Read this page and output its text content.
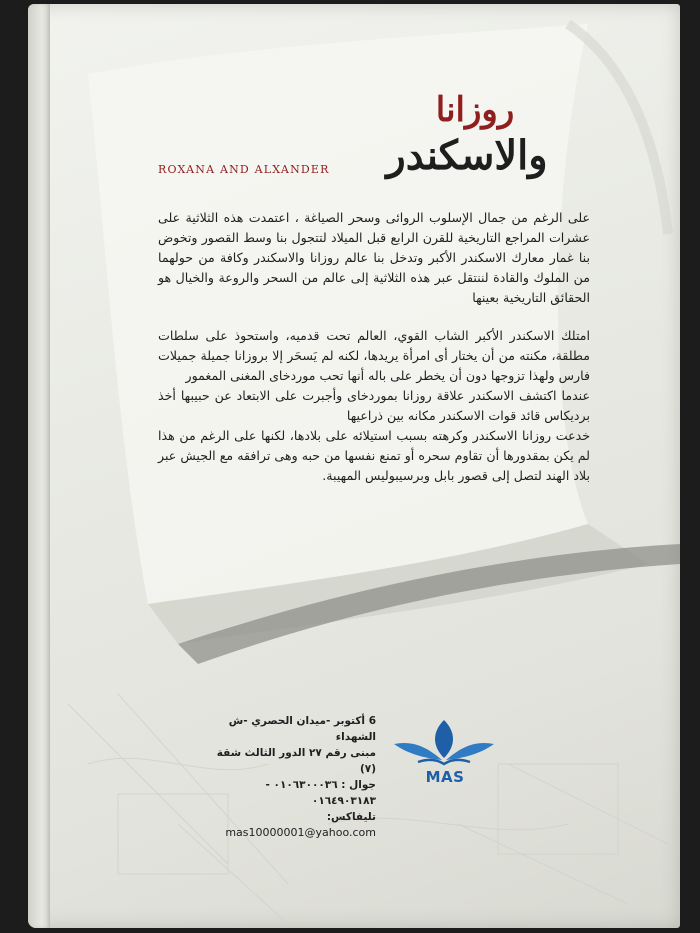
روزانا
والاسكندر
ROXANA AND ALXANDER

على الرغم من جمال الإسلوب الروائى وسحر الصياغة ، اعتمدت هذه الثلاثية على عشرات المراجع التاريخية للقرن الرابع قبل الميلاد لتتجول بنا وسط القصور وتخوض بنا غمار معارك الاسكندر الأكبر وتدخل بنا عالم روزانا والاسكندر وكافة من حولهما من الملوك والقادة لننتقل عبر هذه الثلاثية إلى عالم من السحر والروعة والخيال هو الحقائق التاريخية بعينها

امتلك الاسكندر الأكبر الشاب القوي، العالم تحت قدميه، واستحوذ على سلطات مطلقة، مكنته من أن يختار أى امرأة يريدها، لكنه لم يَسحَر إلا بروزانا جميلة جميلات فارس ولهذا تزوجها دون أن يخطر على باله أنها تحب موردخاى المغنى المغمور

عندما اكتشف الاسكندر علاقة روزانا بموردخاى وأجبرت على الابتعاد عن حبيبها أخذ برديكاس قائد قوات الاسكندر مكانه بين ذراعيها

خدعت روزانا الاسكندر وكرهته بسبب استيلائه على بلادها، لكنها على الرغم من هذا لم يكن بمقدورها أن تقاوم سحره أو تمنع نفسها من حبه وهى ترافقه مع الجيش عبر بلاد الهند لتصل إلى قصور بابل وبرسيبوليس المهيبة.

6 أكتوبر -ميدان الحصري -ش الشهداء
مبنى رقم ٢٧ الدور الثالث شقة (٧)
جوال : ٠١٠٦٣٠٠٠٣٦ - ٠١٦٤٩٠٣١٨٣
تليفاكس:
mas10000001@yahoo.com
MAS
